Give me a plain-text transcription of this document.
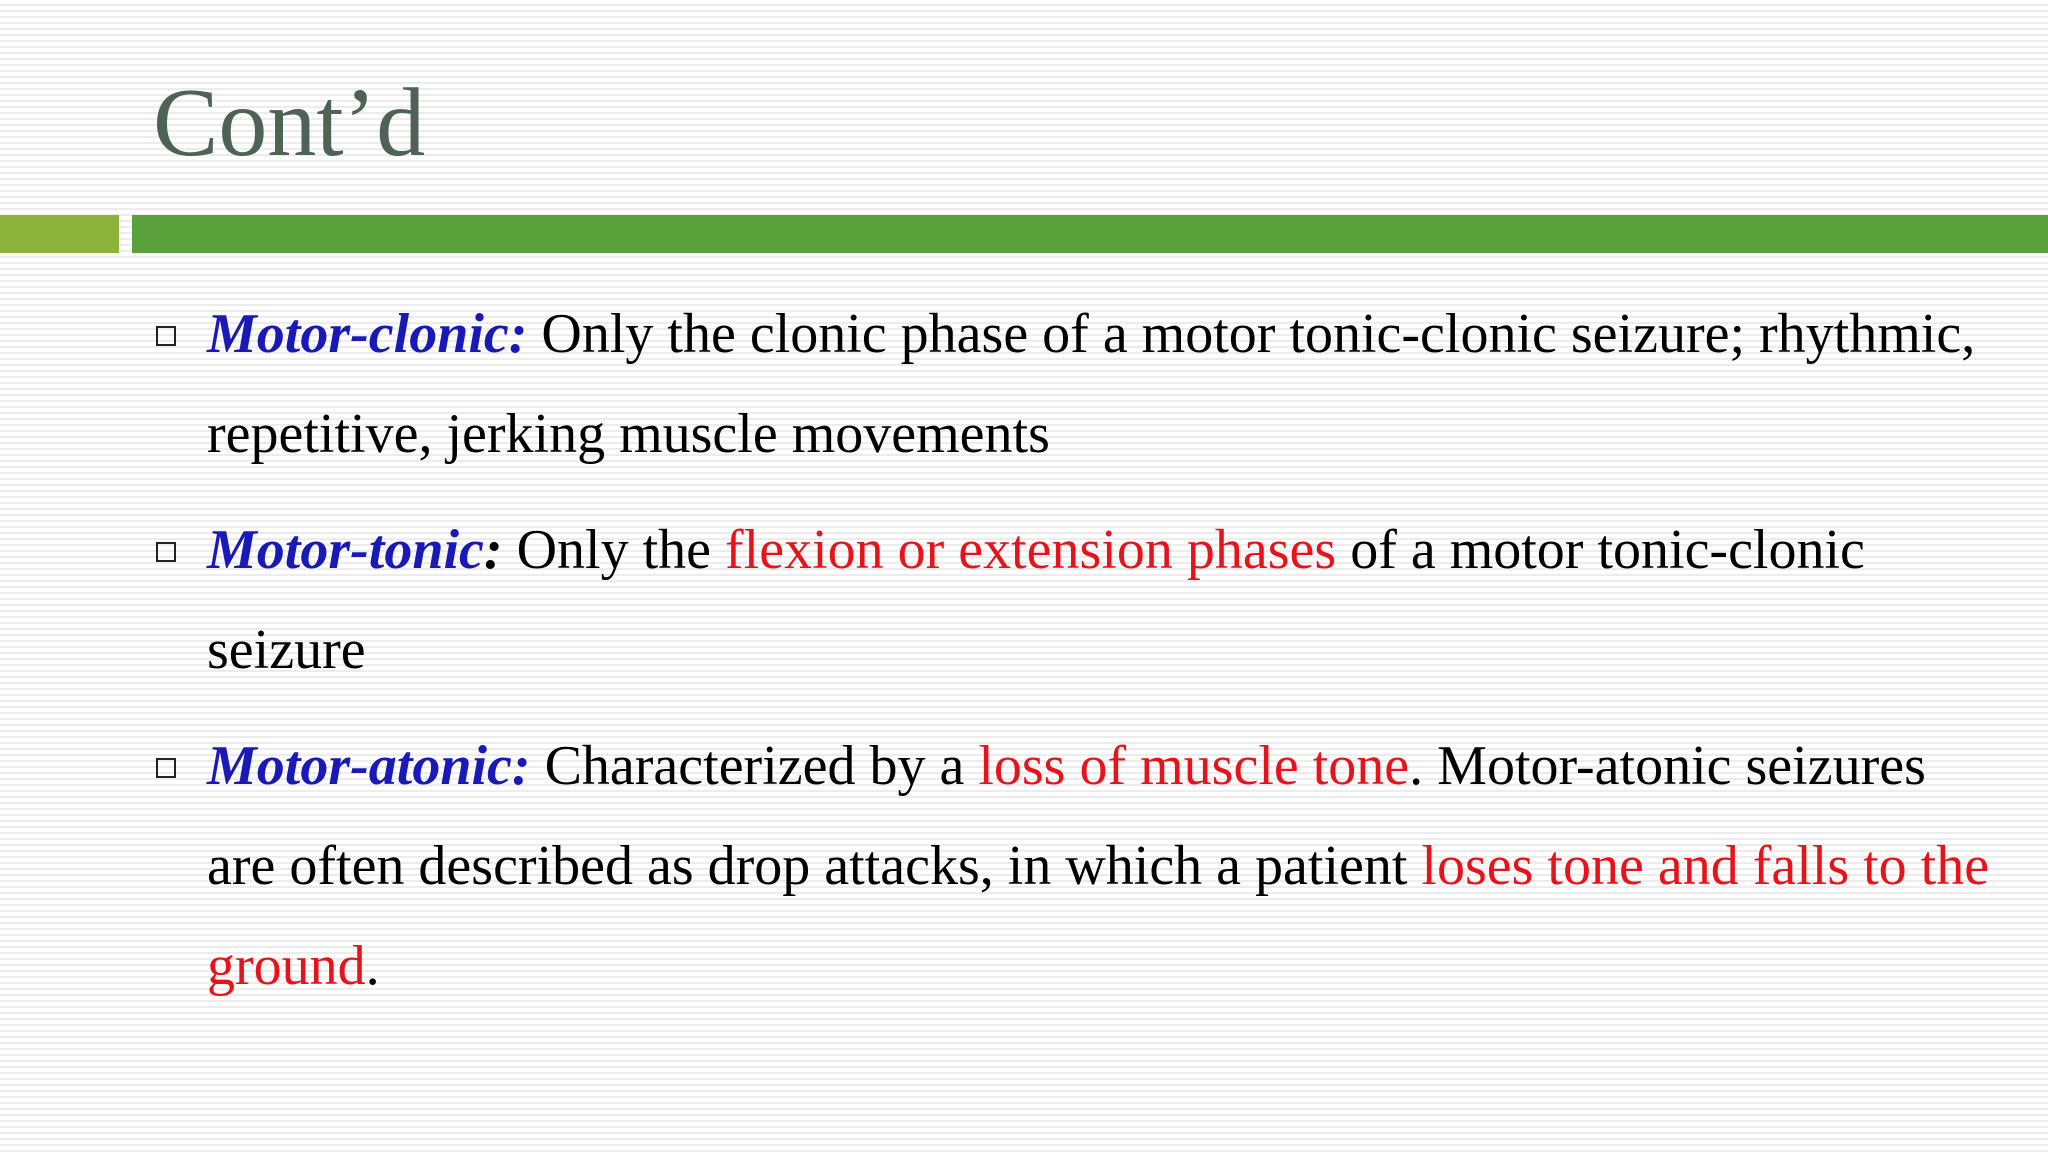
Cont’d
Motor-clonic: Only the clonic phase of a motor tonic-clonic seizure; rhythmic, repetitive, jerking muscle movements
Motor-tonic: Only the flexion or extension phases of a motor tonic-clonic seizure
Motor-atonic: Characterized by a loss of muscle tone. Motor-atonic seizures are often described as drop attacks, in which a patient loses tone and falls to the ground.
